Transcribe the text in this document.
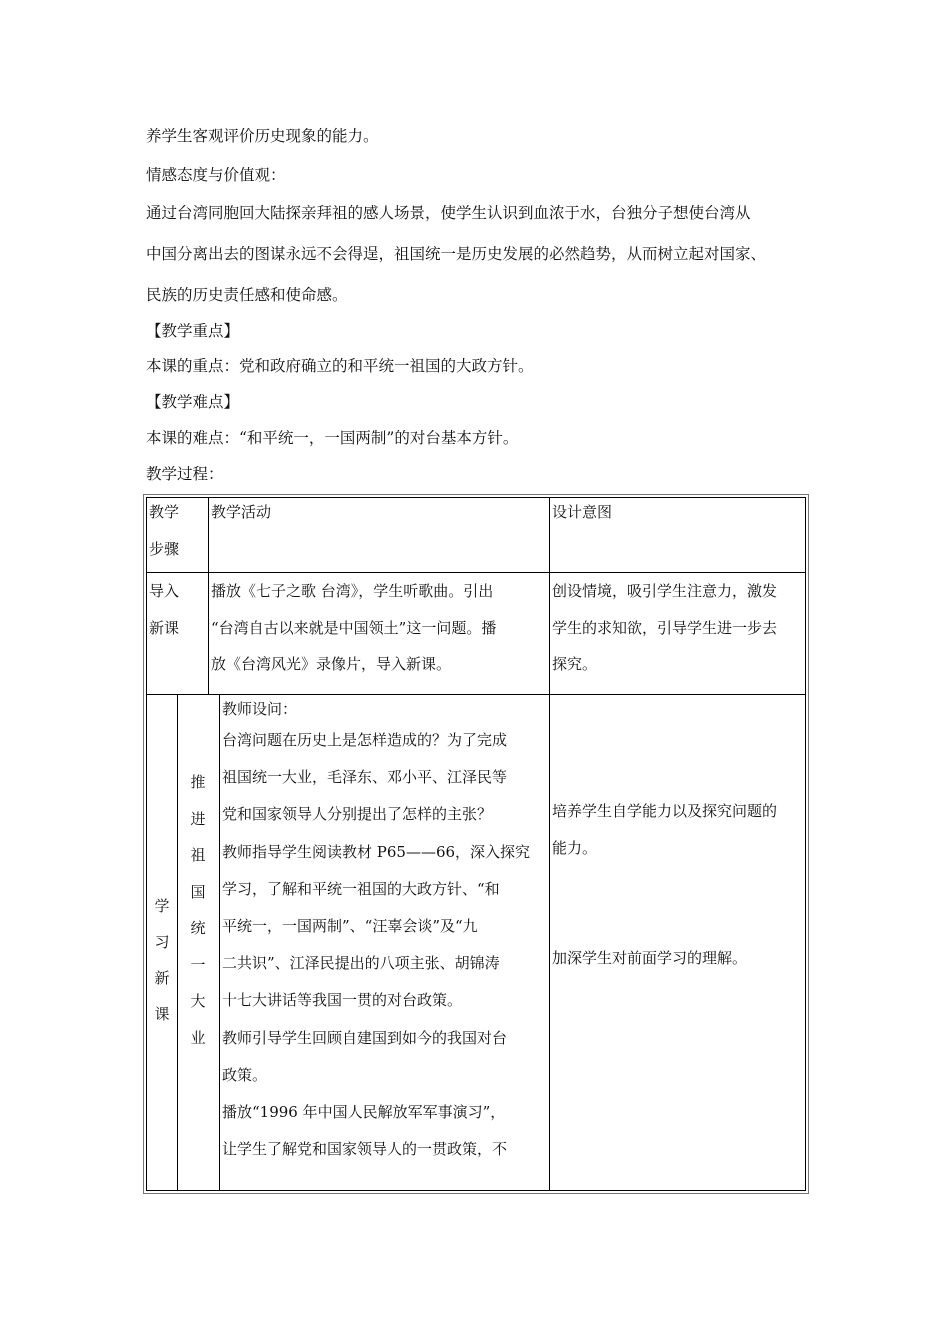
养学生客观评价历史现象的能力。
情感态度与价值观：
通过台湾同胞回大陆探亲拜祖的感人场景，使学生认识到血浓于水，台独分子想使台湾从
中国分离出去的图谋永远不会得逞，祖国统一是历史发展的必然趋势，从而树立起对国家、
民族的历史责任感和使命感。
【教学重点】
本课的重点：党和政府确立的和平统一祖国的大政方针。
【教学难点】
本课的难点：“和平统一，一国两制”的对台基本方针。
教学过程：
教学
步骤
教学活动	设计意图
导入
新课
播放《七子之歌 台湾》，学生听歌曲。引出
“台湾自古以来就是中国领土”这一问题。播
放《台湾风光》录像片，导入新课。
创设情境，吸引学生注意力，激发
学生的求知欲，引导学生进一步去
探究。
学
习
新
课
推
进
祖
国
统
一
大
业
教师设问：
台湾问题在历史上是怎样造成的？为了完成
祖国统一大业，毛泽东、邓小平、江泽民等
党和国家领导人分别提出了怎样的主张？
教师指导学生阅读教材 P65——66，深入探究
学习，了解和平统一祖国的大政方针、“和
平统一，一国两制”、“汪辜会谈”及“九
二共识”、江泽民提出的八项主张、胡锦涛
十七大讲话等我国一贯的对台政策。
教师引导学生回顾自建国到如今的我国对台
政策。
播放“1996 年中国人民解放军军事演习”，
让学生了解党和国家领导人的一贯政策，不
培养学生自学能力以及探究问题的
能力。
加深学生对前面学习的理解。
